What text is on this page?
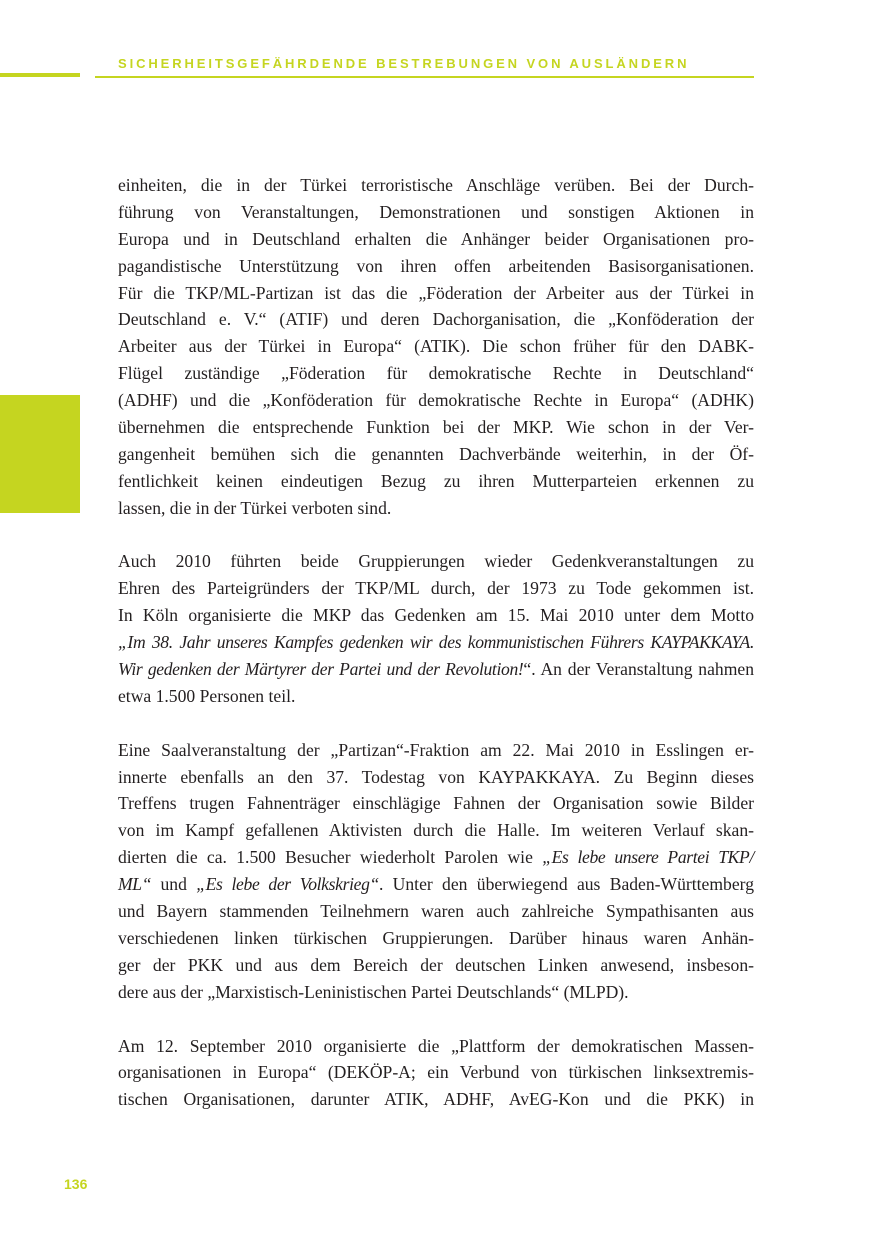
SICHERHEITSGEFÄHRDENDE BESTREBUNGEN VON AUSLÄNDERN

einheiten, die in der Türkei terroristische Anschläge verüben. Bei der Durch-
führung von Veranstaltungen, Demonstrationen und sonstigen Aktionen in
Europa und in Deutschland erhalten die Anhänger beider Organisationen pro-
pagandistische Unterstützung von ihren offen arbeitenden Basisorganisationen.
Für die TKP/ML-Partizan ist das die „Föderation der Arbeiter aus der Türkei in
Deutschland e. V.“ (ATIF) und deren Dachorganisation, die „Konföderation der
Arbeiter aus der Türkei in Europa“ (ATIK). Die schon früher für den DABK-
Flügel zuständige „Föderation für demokratische Rechte in Deutschland“
(ADHF) und die „Konföderation für demokratische Rechte in Europa“ (ADHK)
übernehmen die entsprechende Funktion bei der MKP. Wie schon in der Ver-
gangenheit bemühen sich die genannten Dachverbände weiterhin, in der Öf-
fentlichkeit keinen eindeutigen Bezug zu ihren Mutterparteien erkennen zu
lassen, die in der Türkei verboten sind.

Auch 2010 führten beide Gruppierungen wieder Gedenkveranstaltungen zu
Ehren des Parteigründers der TKP/ML durch, der 1973 zu Tode gekommen ist.
In Köln organisierte die MKP das Gedenken am 15. Mai 2010 unter dem Motto
„Im 38. Jahr unseres Kampfes gedenken wir des kommunistischen Führers KAYPAKKAYA.
Wir gedenken der Märtyrer der Partei und der Revolution!“. An der Veranstaltung nahmen
etwa 1.500 Personen teil.

Eine Saalveranstaltung der „Partizan“-Fraktion am 22. Mai 2010 in Esslingen er-
innerte ebenfalls an den 37. Todestag von KAYPAKKAYA. Zu Beginn dieses
Treffens trugen Fahnenträger einschlägige Fahnen der Organisation sowie Bilder
von im Kampf gefallenen Aktivisten durch die Halle. Im weiteren Verlauf skan-
dierten die ca. 1.500 Besucher wiederholt Parolen wie „Es lebe unsere Partei TKP/
ML“ und „Es lebe der Volkskrieg“. Unter den überwiegend aus Baden-Württemberg
und Bayern stammenden Teilnehmern waren auch zahlreiche Sympathisanten aus
verschiedenen linken türkischen Gruppierungen. Darüber hinaus waren Anhän-
ger der PKK und aus dem Bereich der deutschen Linken anwesend, insbeson-
dere aus der „Marxistisch-Leninistischen Partei Deutschlands“ (MLPD).

Am 12. September 2010 organisierte die „Plattform der demokratischen Massen-
organisationen in Europa“ (DEKÖP-A; ein Verbund von türkischen linksextremis-
tischen Organisationen, darunter ATIK, ADHF, AvEG-Kon und die PKK) in

136
